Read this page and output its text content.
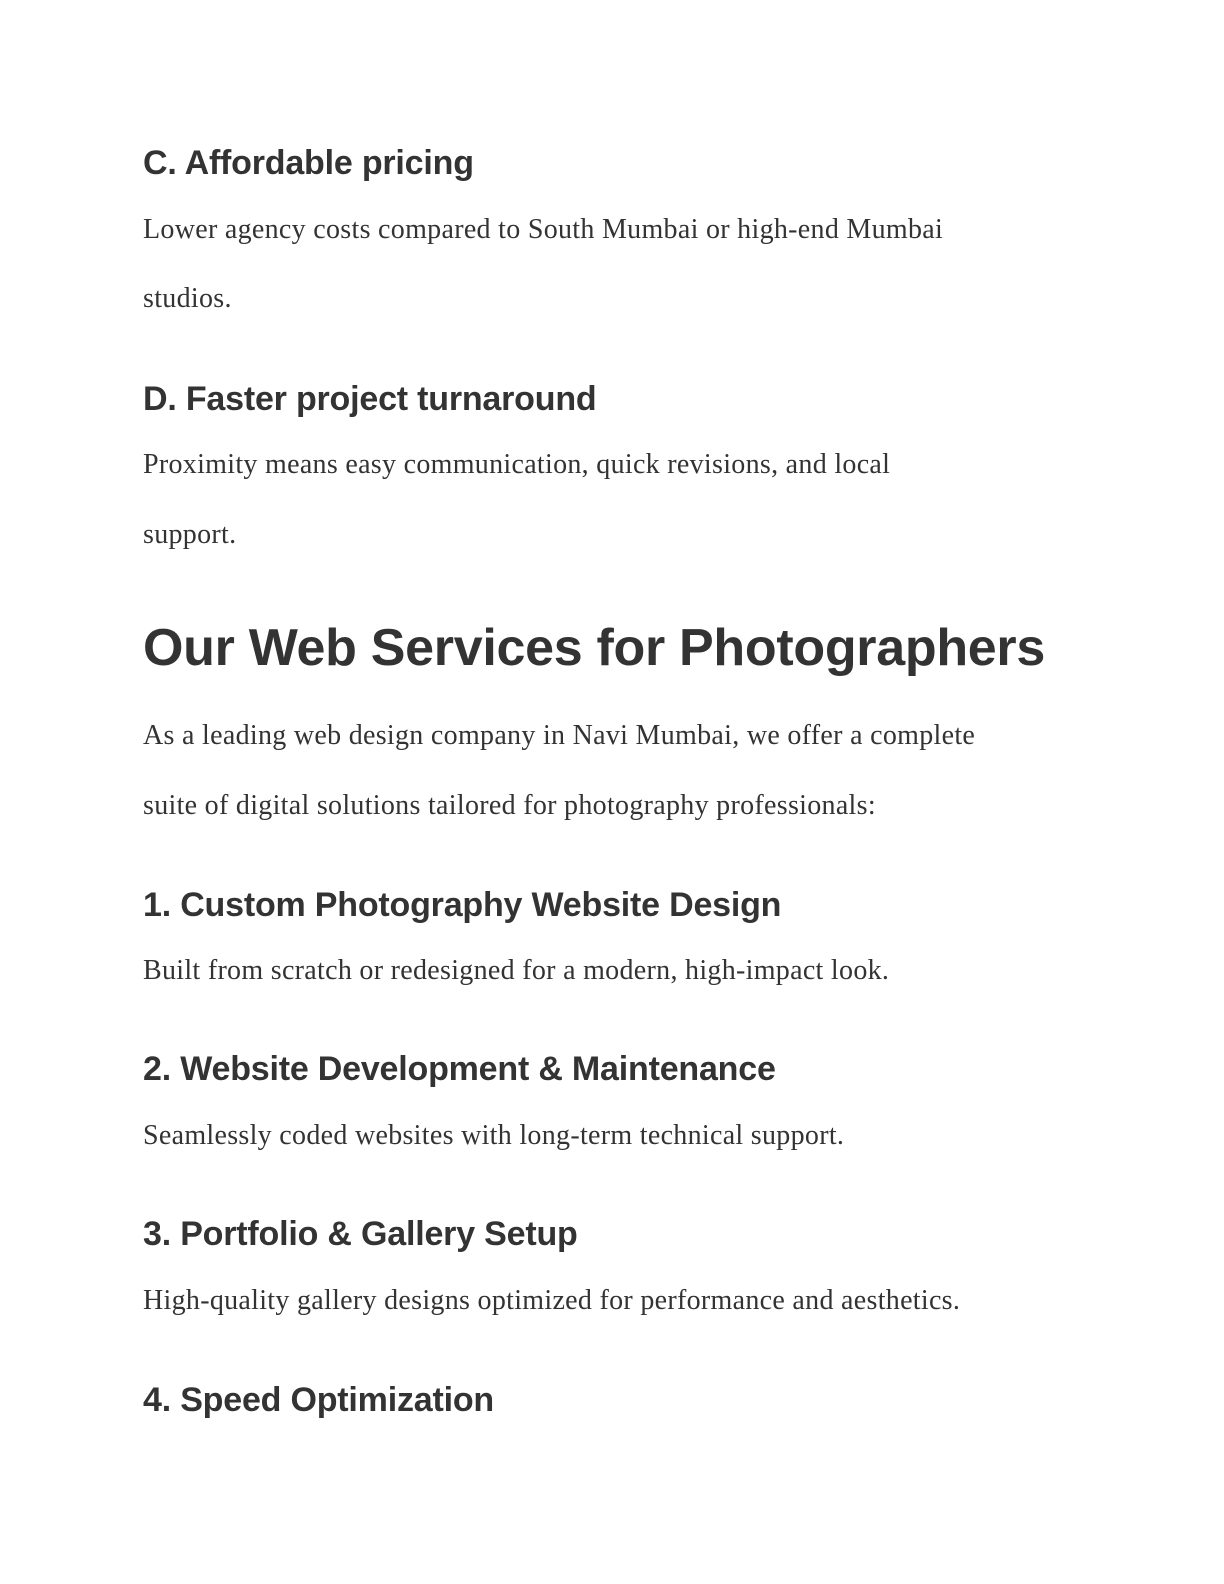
C. Affordable pricing

Lower agency costs compared to South Mumbai or high-end Mumbai

studios.

D. Faster project turnaround

Proximity means easy communication, quick revisions, and local

support.

Our Web Services for Photographers

As a leading web design company in Navi Mumbai, we offer a complete

suite of digital solutions tailored for photography professionals:

1. Custom Photography Website Design

Built from scratch or redesigned for a modern, high-impact look.

2. Website Development & Maintenance

Seamlessly coded websites with long-term technical support.

3. Portfolio & Gallery Setup

High-quality gallery designs optimized for performance and aesthetics.

4. Speed Optimization
